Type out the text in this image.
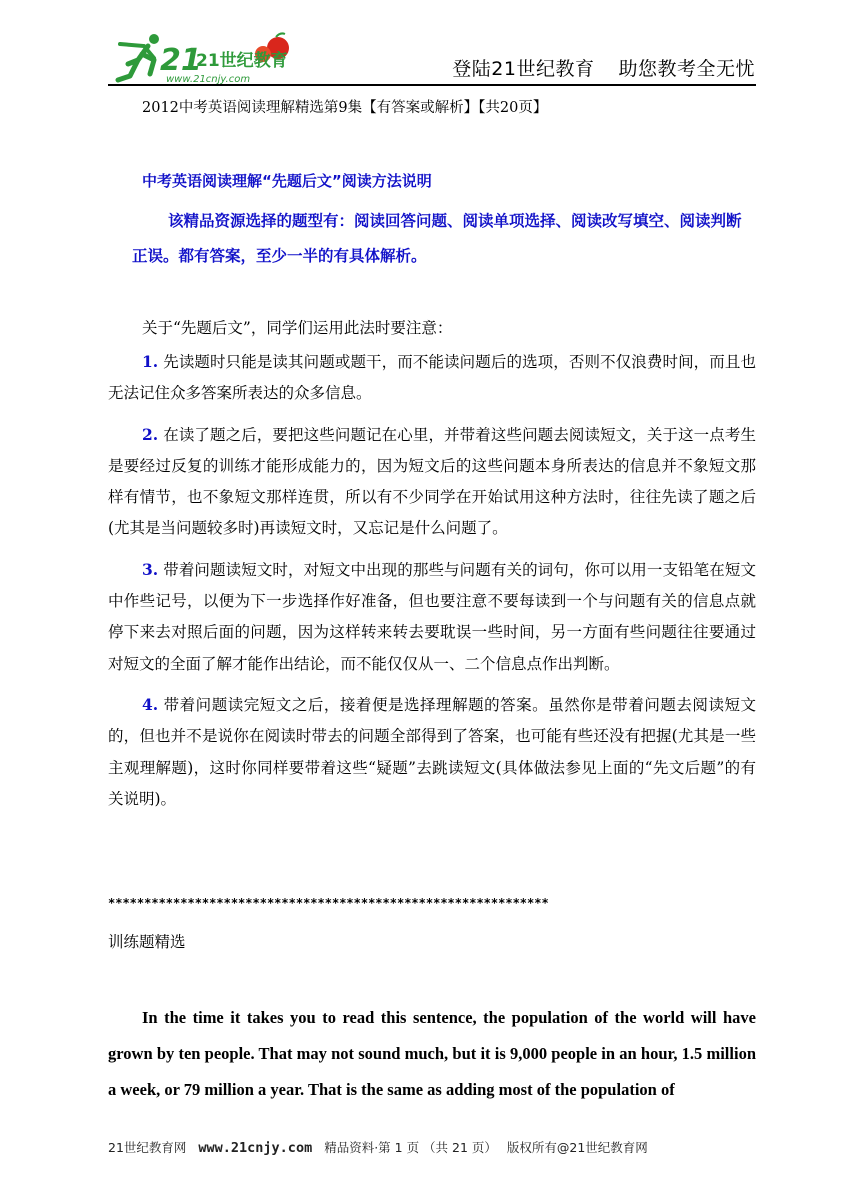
21
21世纪教育
www.21cnjy.com	登陆21世纪教育 助您教考全无忧
2012中考英语阅读理解精选第9集【有答案或解析】【共20页】
中考英语阅读理解“先题后文”阅读方法说明
该精品资源选择的题型有：阅读回答问题、阅读单项选择、阅读改写填空、阅读判断正误。都有答案，至少一半的有具体解析。
关于“先题后文”，同学们运用此法时要注意：

1. 先读题时只能是读其问题或题干，而不能读问题后的选项，否则不仅浪费时间，而且也无法记住众多答案所表达的众多信息。

2. 在读了题之后，要把这些问题记在心里，并带着这些问题去阅读短文，关于这一点考生是要经过反复的训练才能形成能力的，因为短文后的这些问题本身所表达的信息并不象短文那样有情节，也不象短文那样连贯，所以有不少同学在开始试用这种方法时，往往先读了题之后(尤其是当问题较多时)再读短文时，又忘记是什么问题了。

3. 带着问题读短文时，对短文中出现的那些与问题有关的词句，你可以用一支铅笔在短文中作些记号，以便为下一步选择作好准备，但也要注意不要每读到一个与问题有关的信息点就停下来去对照后面的问题，因为这样转来转去要耽误一些时间，另一方面有些问题往往要通过对短文的全面了解才能作出结论，而不能仅仅从一、二个信息点作出判断。

4. 带着问题读完短文之后，接着便是选择理解题的答案。虽然你是带着问题去阅读短文的，但也并不是说你在阅读时带去的问题全部得到了答案，也可能有些还没有把握(尤其是一些主观理解题)，这时你同样要带着这些“疑题”去跳读短文(具体做法参见上面的“先文后题”的有关说明)。

*************************************************************
训练题精选
In the time it takes you to read this sentence, the population of the world will have grown by ten people. That may not sound much, but it is 9,000 people in an hour, 1.5 million a week, or 79 million a year. That is the same as adding most of the population of
21世纪教育网 www.21cnjy.com 精品资料·第 1 页 （共 21 页） 版权所有@21世纪教育网
